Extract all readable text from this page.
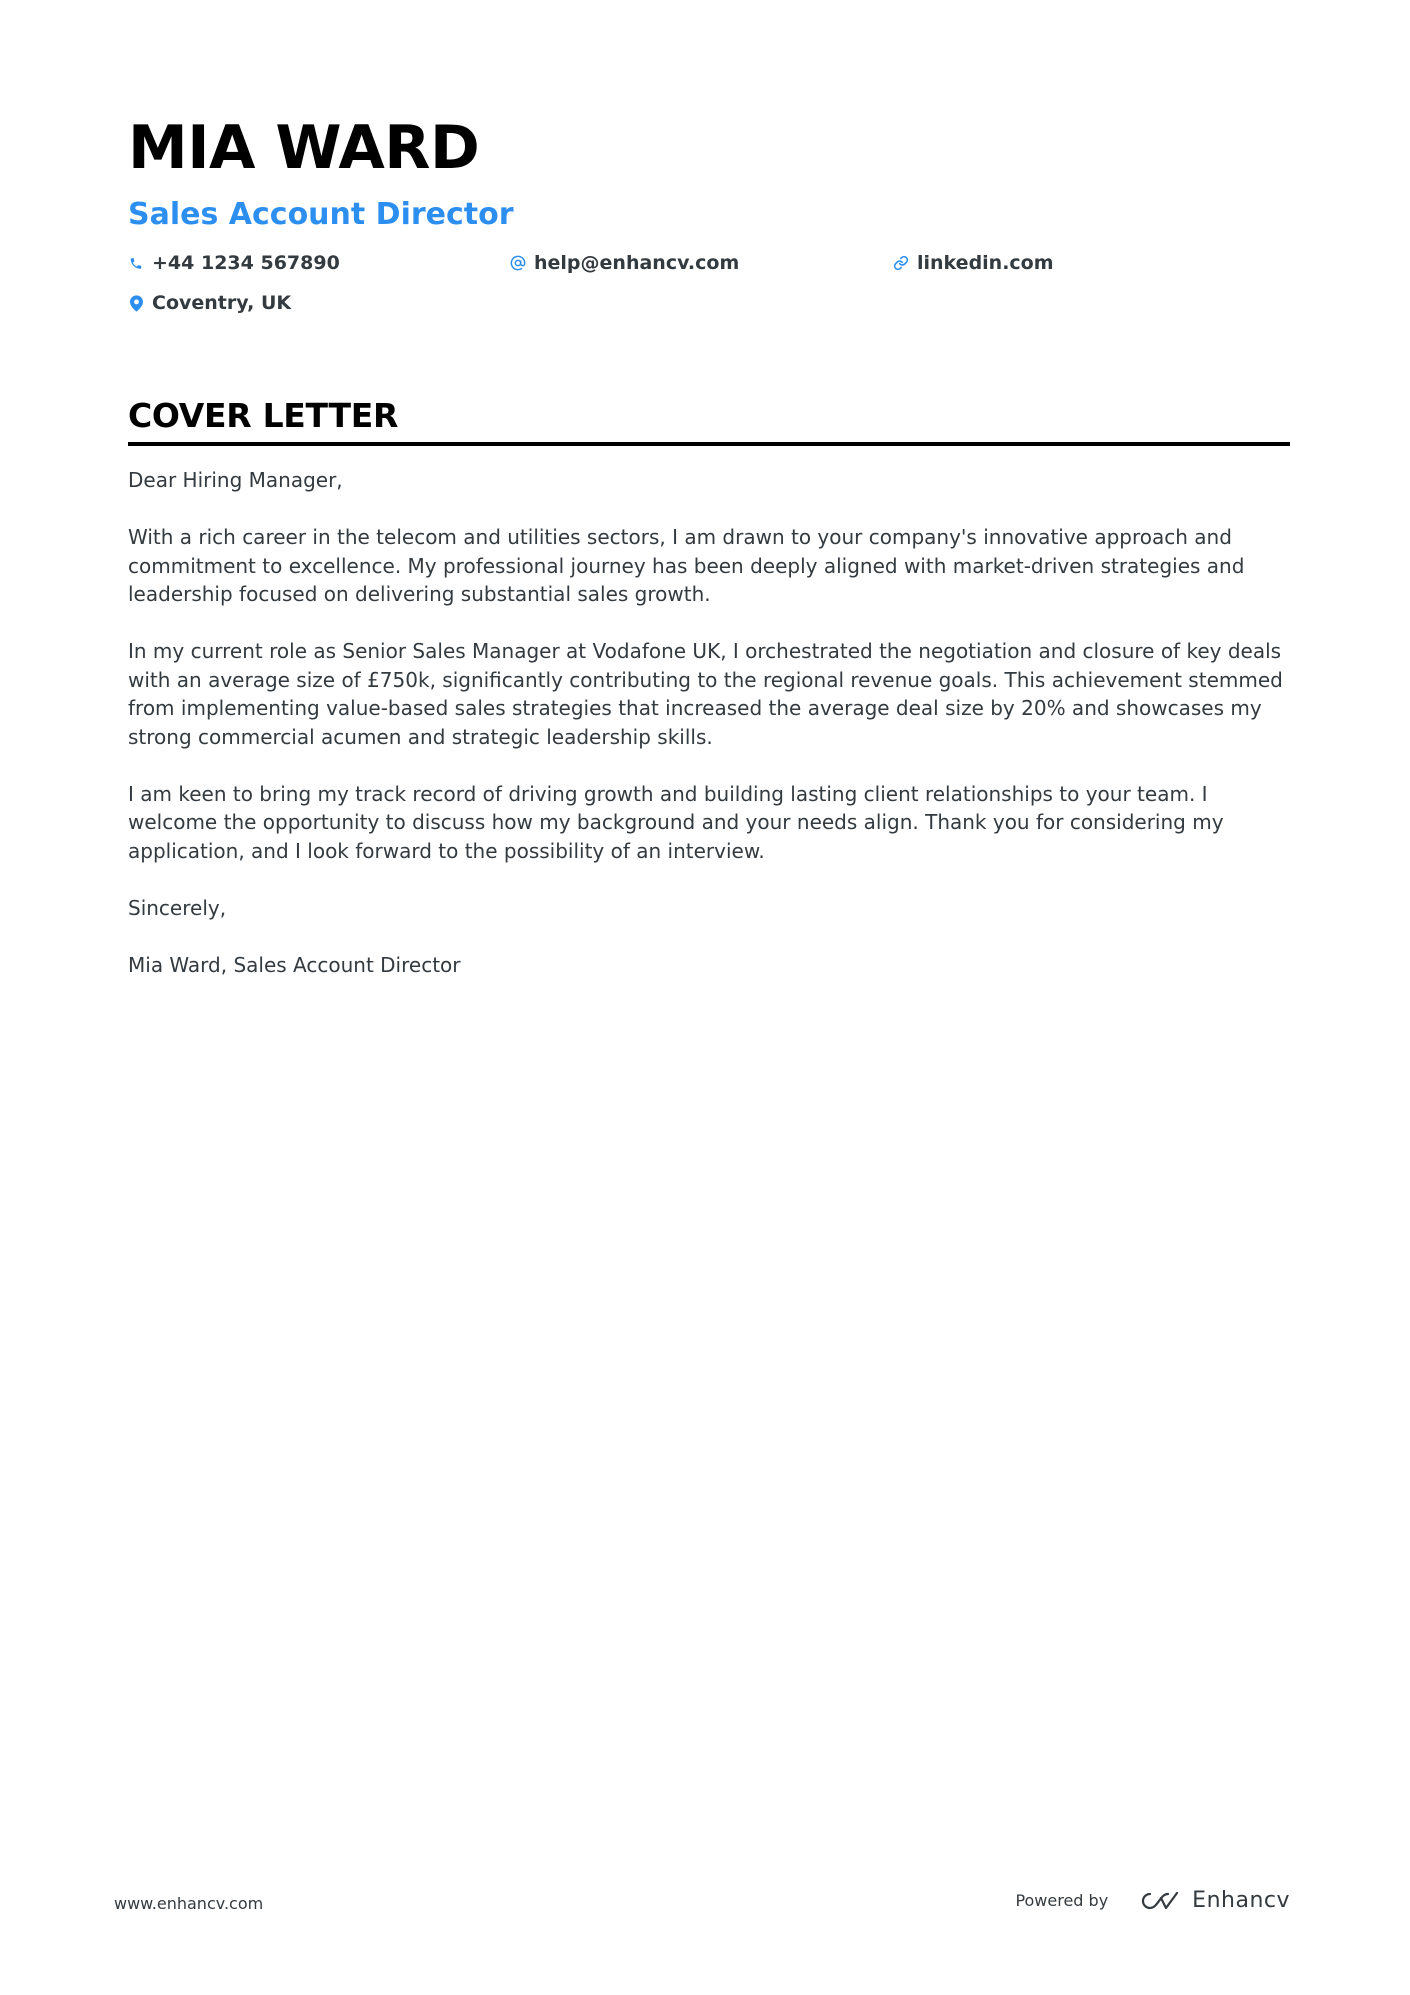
MIA WARD
Sales Account Director
+44 1234 567890	help@enhancv.com	linkedin.com
Coventry, UK
COVER LETTER

Dear Hiring Manager,

With a rich career in the telecom and utilities sectors, I am drawn to your company's innovative approach and commitment to excellence. My professional journey has been deeply aligned with market-driven strategies and leadership focused on delivering substantial sales growth.

In my current role as Senior Sales Manager at Vodafone UK, I orchestrated the negotiation and closure of key deals with an average size of £750k, significantly contributing to the regional revenue goals. This achievement stemmed from implementing value-based sales strategies that increased the average deal size by 20% and showcases my strong commercial acumen and strategic leadership skills.

I am keen to bring my track record of driving growth and building lasting client relationships to your team. I welcome the opportunity to discuss how my background and your needs align. Thank you for considering my application, and I look forward to the possibility of an interview.

Sincerely,

Mia Ward, Sales Account Director

www.enhancv.com	Powered by	Enhancv
